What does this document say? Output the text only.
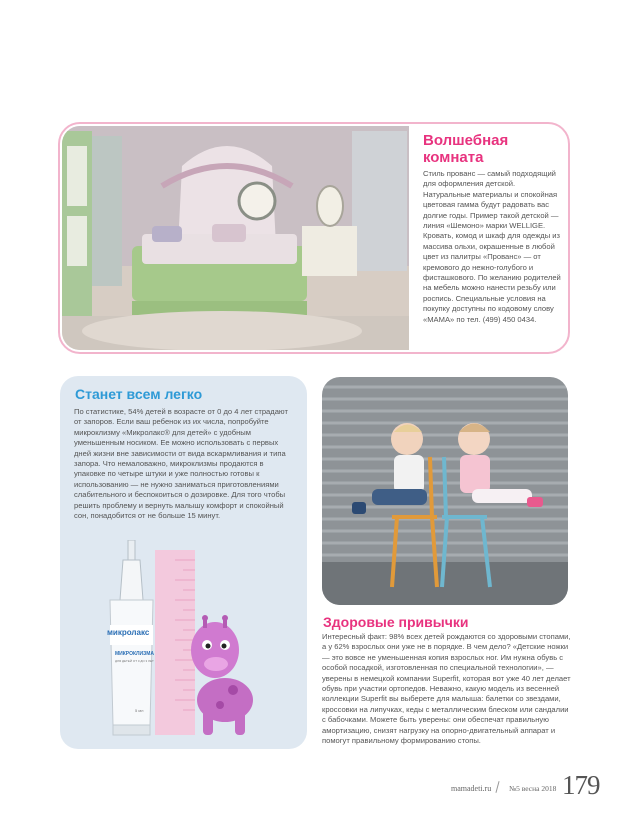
Волшебная комната
Стиль прованс — самый подходящий для оформления детской. Натуральные материалы и спокойная цветовая гамма будут радовать вас долгие годы. Пример такой детской — линия «Шемоно» марки WELLIGE. Кровать, комод и шкаф для одежды из массива ольхи, окрашенные в любой цвет из палитры «Прованс» — от кремового до нежно-голубого и фисташкового. По желанию родителей на мебель можно нанести резьбу или роспись. Специальные условия на покупку доступны по кодовому слову «МАМА» по тел. (499) 450 0434.
Станет всем легко
По статистике, 54% детей в возрасте от 0 до 4 лет страдают от запоров. Если ваш ребенок из их числа, попробуйте микроклизму «Микролакс® для детей» с удобным уменьшенным носиком. Ее можно использовать с первых дней жизни вне зависимости от вида вскармливания и типа запора. Что немаловажно, микроклизмы продаются в упаковке по четыре штуки и уже полностью готовы к использованию — не нужно заниматься приготовлениями слабительного и беспокоиться о дозировке. Для того чтобы решить проблему и вернуть малышу комфорт и спокойный сон, понадобится от не больше 15 минут.
микролакс
МИКРОКЛИЗМА
ДЛЯ ДЕТЕЙ ОТ 0 ДО 3 ЛЕТ
5 мл
Здоровые привычки
Интересный факт: 98% всех детей рождаются со здоровыми стопами, а у 62% взрослых они уже не в порядке. В чем дело? «Детские ножки — это вовсе не уменьшенная копия взрослых ног. Им нужна обувь с особой посадкой, изготовленная по специальной технологии», — уверены в немецкой компании Superfit, которая вот уже 40 лет делает обувь при участии ортопедов. Неважно, какую модель из весенней коллекции Superfit вы выберете для малыша: балетки со звездами, кроссовки на липучках, кеды с металлическим блеском или сандалии с бабочками. Можете быть уверены: они обеспечат правильную амортизацию, снизят нагрузку на опорно-двигательный аппарат и помогут правильному формированию стопы.
mamadeti.ru №5 весна 2018 179
